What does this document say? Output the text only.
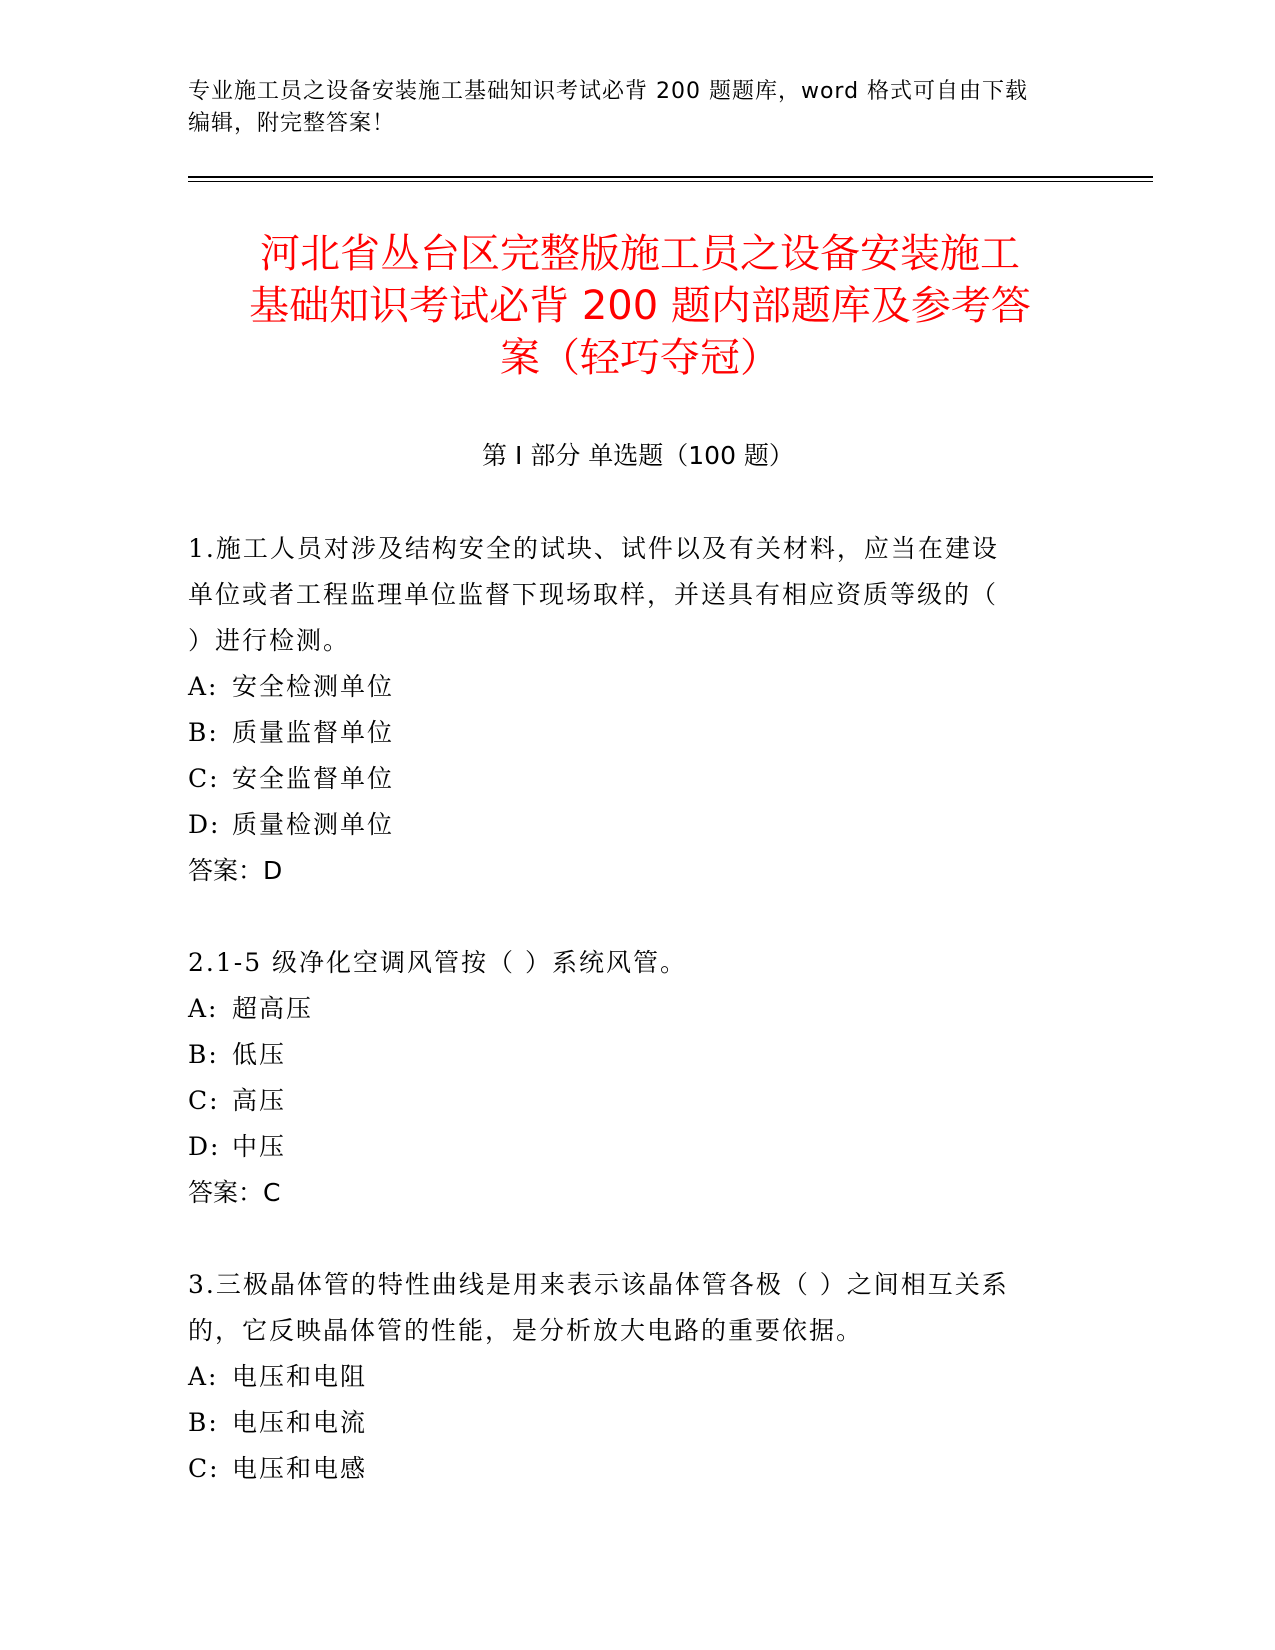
专业施工员之设备安装施工基础知识考试必背 200 题题库，word 格式可自由下载
编辑，附完整答案！
河北省丛台区完整版施工员之设备安装施工
基础知识考试必背 200 题内部题库及参考答
案（轻巧夺冠）
第 I 部分 单选题（100 题）

1.施工人员对涉及结构安全的试块、试件以及有关材料，应当在建设

单位或者工程监理单位监督下现场取样，并送具有相应资质等级的（

）进行检测。

A: 安全检测单位

B: 质量监督单位

C: 安全监督单位

D: 质量检测单位

答案：D

2.1-5 级净化空调风管按（ ）系统风管。

A: 超高压

B: 低压

C: 高压

D: 中压

答案：C

3.三极晶体管的特性曲线是用来表示该晶体管各极（ ）之间相互关系

的，它反映晶体管的性能，是分析放大电路的重要依据。

A: 电压和电阻

B: 电压和电流

C: 电压和电感
